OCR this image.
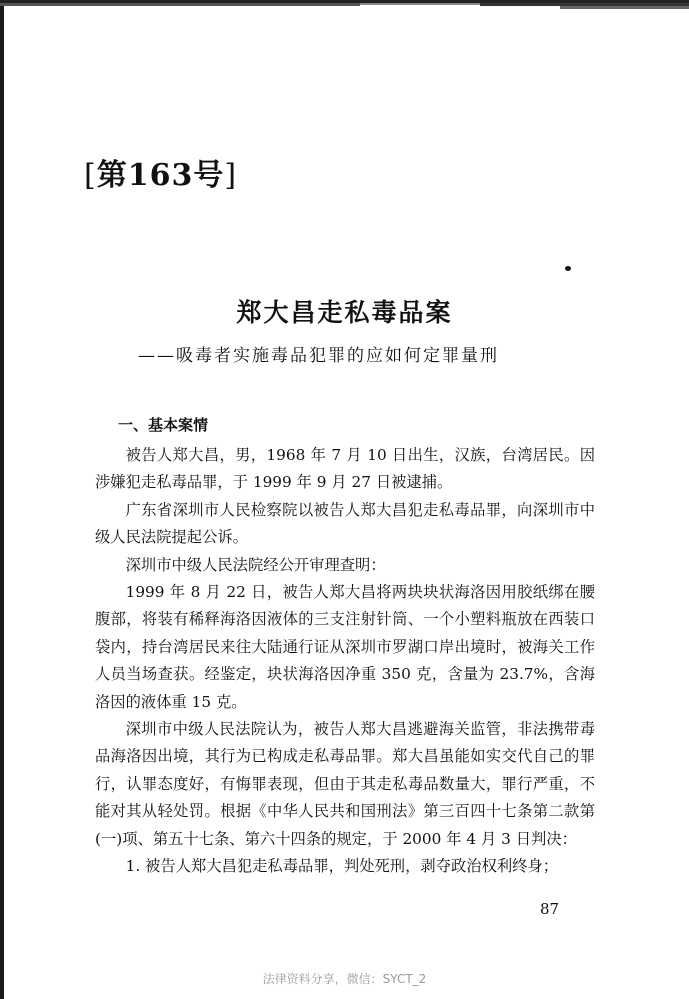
[第163号]
郑大昌走私毒品案
——吸毒者实施毒品犯罪的应如何定罪量刑
一、基本案情

被告人郑大昌，男，1968 年 7 月 10 日出生，汉族，台湾居民。因涉嫌犯走私毒品罪，于 1999 年 9 月 27 日被逮捕。

广东省深圳市人民检察院以被告人郑大昌犯走私毒品罪，向深圳市中级人民法院提起公诉。

深圳市中级人民法院经公开审理查明：

1999 年 8 月 22 日，被告人郑大昌将两块块状海洛因用胶纸绑在腰腹部，将装有稀释海洛因液体的三支注射针筒、一个小塑料瓶放在西装口袋内，持台湾居民来往大陆通行证从深圳市罗湖口岸出境时，被海关工作人员当场查获。经鉴定，块状海洛因净重 350 克，含量为 23.7%，含海洛因的液体重 15 克。

深圳市中级人民法院认为，被告人郑大昌逃避海关监管，非法携带毒品海洛因出境，其行为已构成走私毒品罪。郑大昌虽能如实交代自己的罪行，认罪态度好，有悔罪表现，但由于其走私毒品数量大，罪行严重，不能对其从轻处罚。根据《中华人民共和国刑法》第三百四十七条第二款第(一)项、第五十七条、第六十四条的规定，于 2000 年 4 月 3 日判决：

1. 被告人郑大昌犯走私毒品罪，判处死刑，剥夺政治权利终身；

87
法律资料分享，微信：SYCT_2
